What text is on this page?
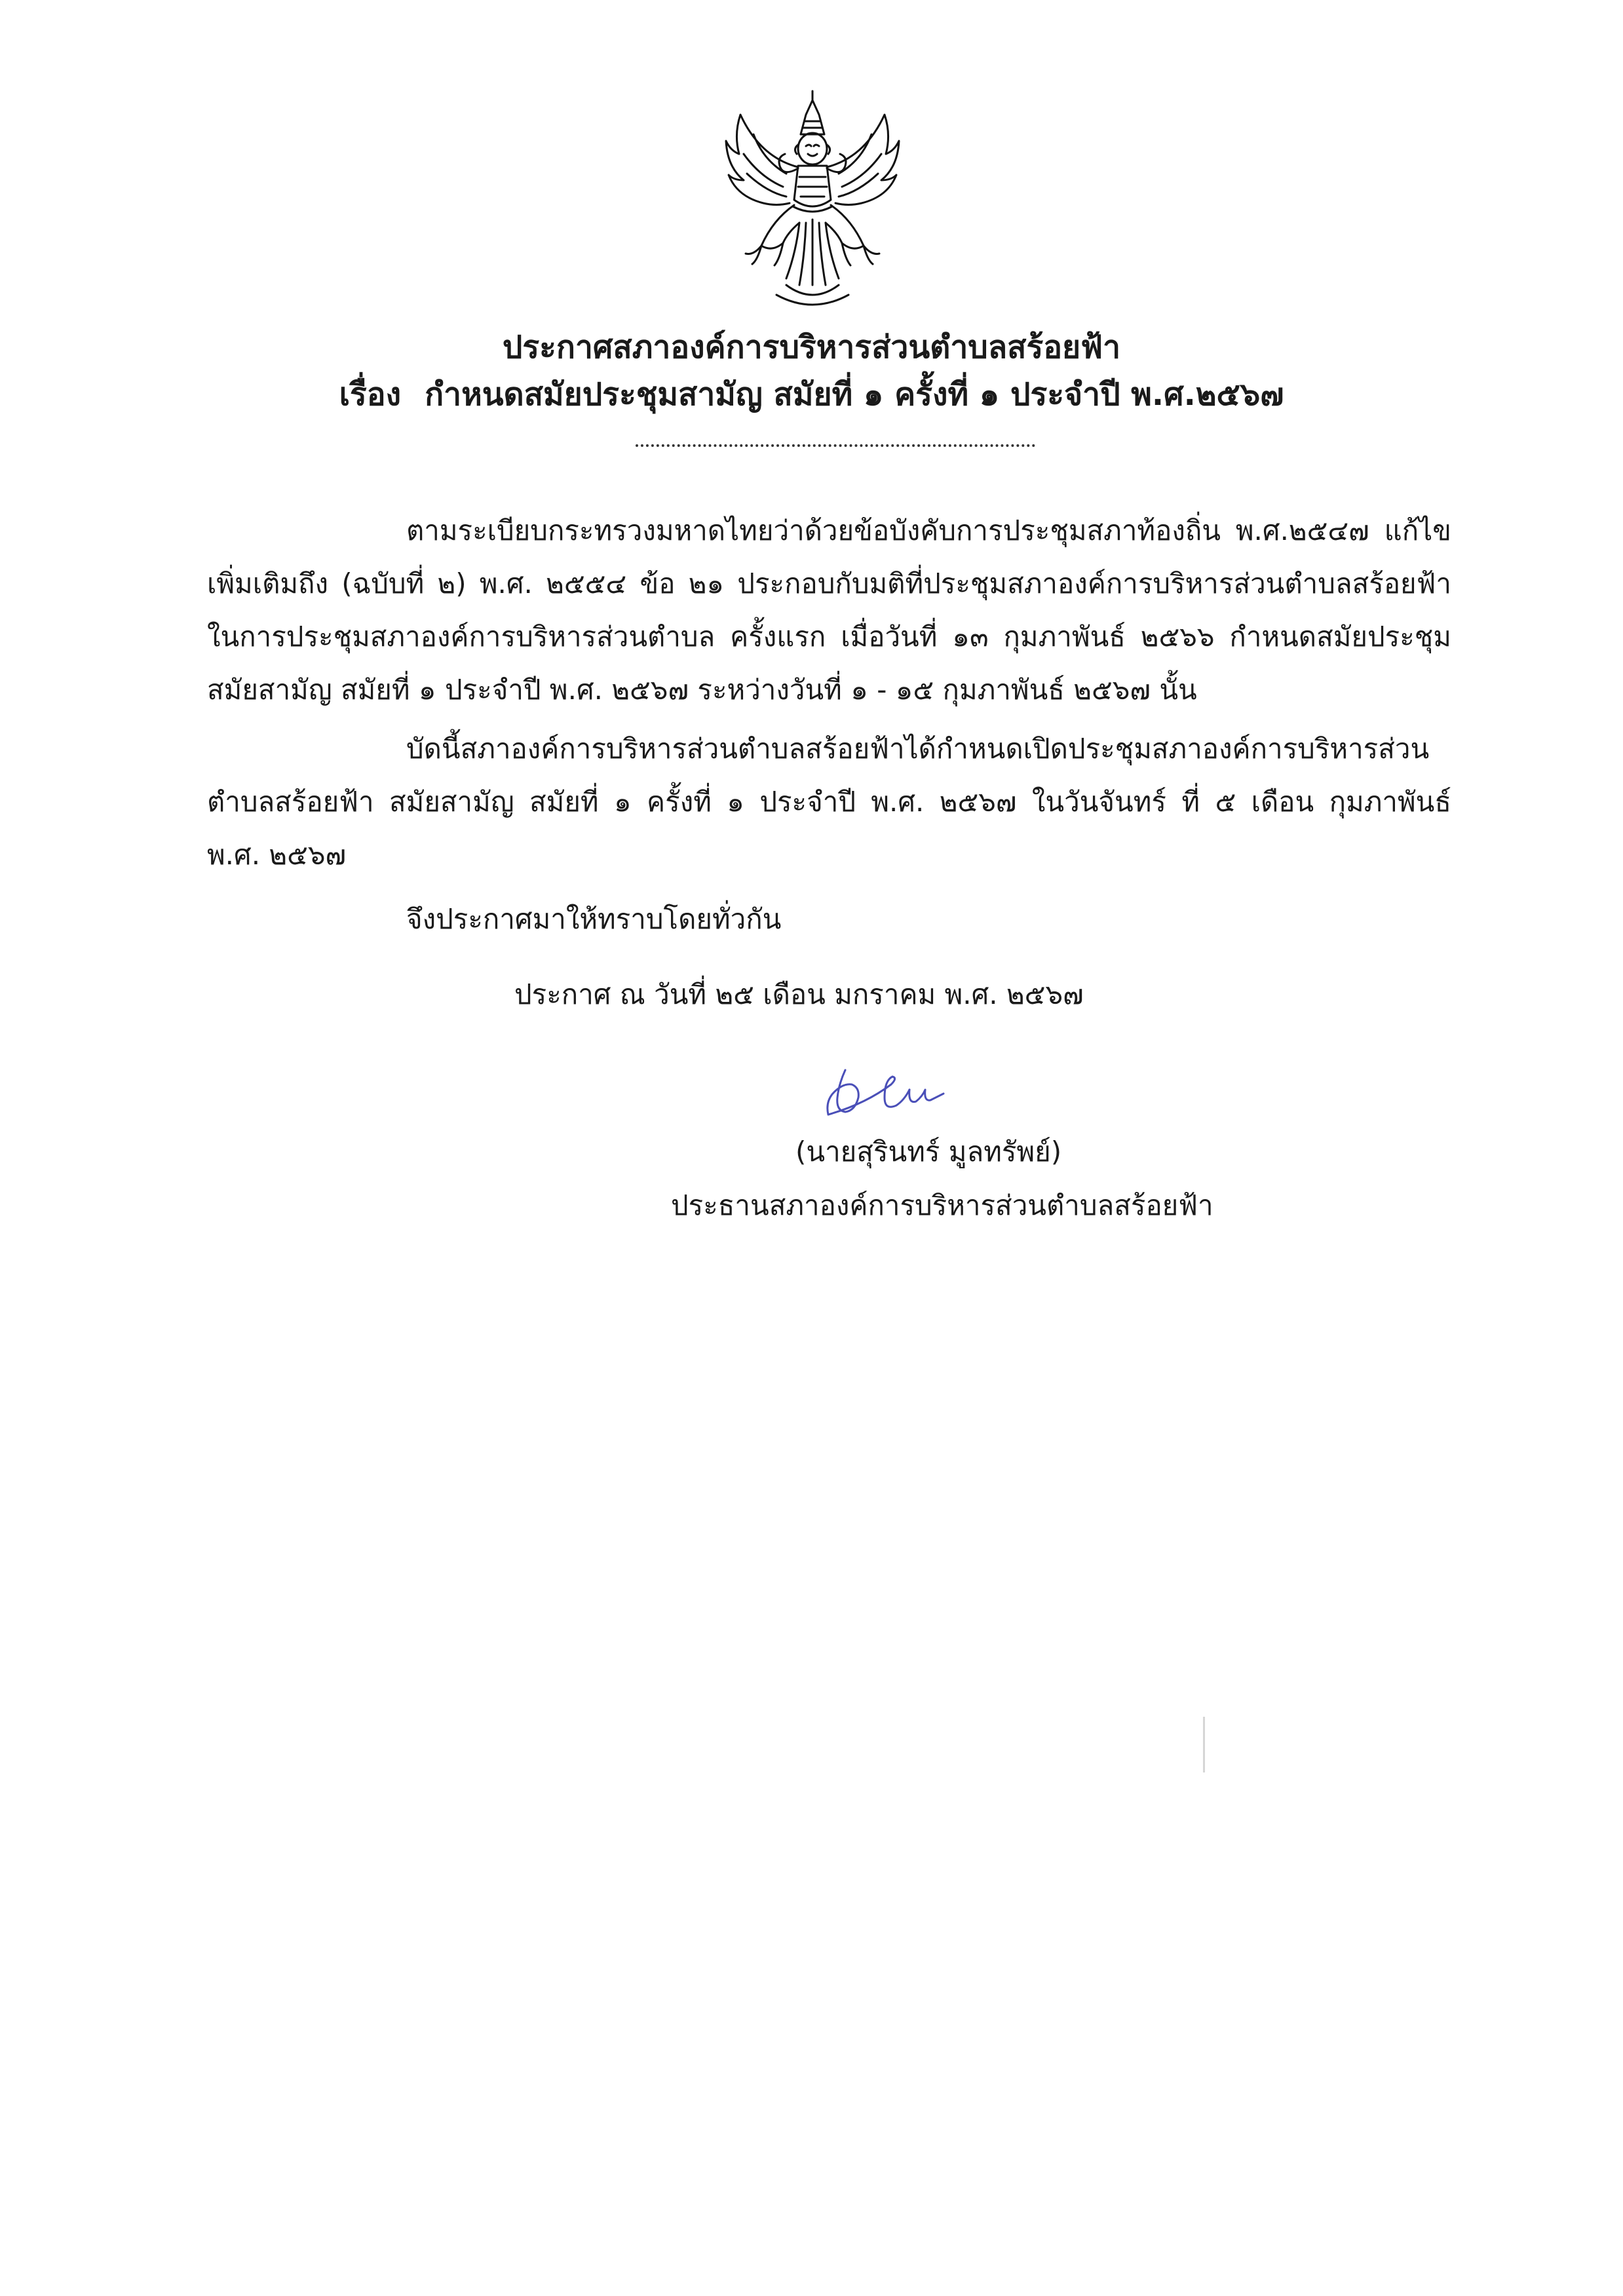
ประกาศสภาองค์การบริหารส่วนตำบลสร้อยฟ้า
เรื่อง กำหนดสมัยประชุมสามัญ สมัยที่ ๑ ครั้งที่ ๑ ประจำปี พ.ศ.๒๕๖๗
ตามระเบียบกระทรวงมหาดไทยว่าด้วยข้อบังคับการประชุมสภาท้องถิ่น พ.ศ.๒๕๔๗ แก้ไข
เพิ่มเติมถึง (ฉบับที่ ๒) พ.ศ. ๒๕๕๔ ข้อ ๒๑ ประกอบกับมติที่ประชุมสภาองค์การบริหารส่วนตำบลสร้อยฟ้า
ในการประชุมสภาองค์การบริหารส่วนตำบล ครั้งแรก เมื่อวันที่ ๑๓ กุมภาพันธ์ ๒๕๖๖ กำหนดสมัยประชุม
สมัยสามัญ สมัยที่ ๑ ประจำปี พ.ศ. ๒๕๖๗ ระหว่างวันที่ ๑ - ๑๕ กุมภาพันธ์ ๒๕๖๗ นั้น
บัดนี้สภาองค์การบริหารส่วนตำบลสร้อยฟ้าได้กำหนดเปิดประชุมสภาองค์การบริหารส่วน
ตำบลสร้อยฟ้า สมัยสามัญ สมัยที่ ๑ ครั้งที่ ๑ ประจำปี พ.ศ. ๒๕๖๗ ในวันจันทร์ ที่ ๕ เดือน กุมภาพันธ์
พ.ศ. ๒๕๖๗
จึงประกาศมาให้ทราบโดยทั่วกัน
ประกาศ ณ วันที่ ๒๕ เดือน มกราคม พ.ศ. ๒๕๖๗
(นายสุรินทร์ มูลทรัพย์)
ประธานสภาองค์การบริหารส่วนตำบลสร้อยฟ้า
